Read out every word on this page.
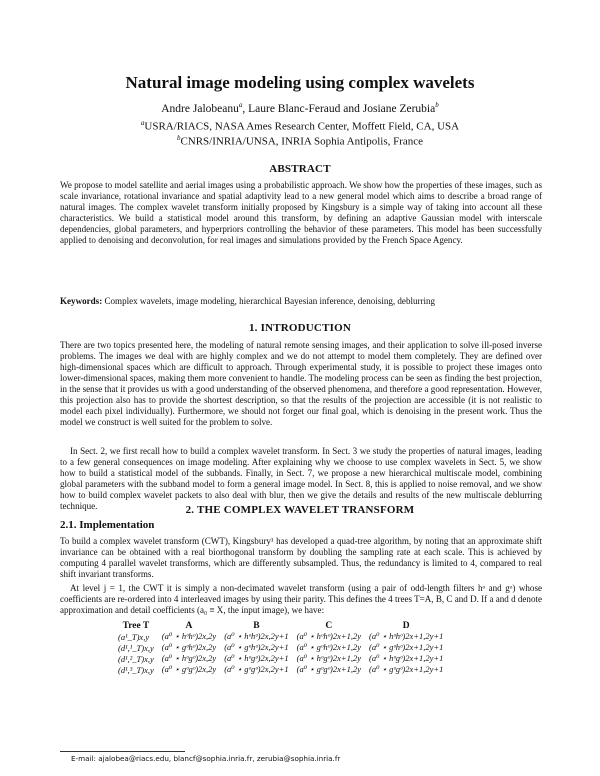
Natural image modeling using complex wavelets
Andre Jalobeanu$^a$, Laure Blanc-Feraud and Josiane Zerubia$^b$
$^a$USRA/RIACS, NASA Ames Research Center, Moffett Field, CA, USA
$^b$CNRS/INRIA/UNSA, INRIA Sophia Antipolis, France
ABSTRACT
We propose to model satellite and aerial images using a probabilistic approach. We show how the properties of these images, such as scale invariance, rotational invariance and spatial adaptivity lead to a new general model which aims to describe a broad range of natural images. The complex wavelet transform initially proposed by Kingsbury is a simple way of taking into account all these characteristics. We build a statistical model around this transform, by defining an adaptive Gaussian model with interscale dependencies, global parameters, and hyperpriors controlling the behavior of these parameters. This model has been successfully applied to denoising and deconvolution, for real images and simulations provided by the French Space Agency.
Keywords: Complex wavelets, image modeling, hierarchical Bayesian inference, denoising, deblurring
1. INTRODUCTION
There are two topics presented here, the modeling of natural remote sensing images, and their application to solve ill-posed inverse problems. The images we deal with are highly complex and we do not attempt to model them completely. They are defined over high-dimensional spaces which are difficult to approach. Through experimental study, it is possible to project these images onto lower-dimensional spaces, making them more convenient to handle. The modeling process can be seen as finding the best projection, in the sense that it provides us with a good understanding of the observed phenomena, and therefore a good representation. However, this projection also has to provide the shortest description, so that the results of the projection are accessible (it is not realistic to model each pixel individually). Furthermore, we should not forget our final goal, which is denoising in the present work. Thus the model we construct is well suited for the problem to solve.
In Sect. 2, we first recall how to build a complex wavelet transform. In Sect. 3 we study the properties of natural images, leading to a few general consequences on image modeling. After explaining why we choose to use complex wavelets in Sect. 5, we show how to build a statistical model of the subbands. Finally, in Sect. 7, we propose a new hierarchical multiscale model, combining global parameters with the subband model to form a general image model. In Sect. 8, this is applied to noise removal, and we show how to build complex wavelet packets to also deal with blur, then we give the details and results of the new multiscale deblurring technique.	2. THE COMPLEX WAVELET TRANSFORM
2.1. Implementation
To build a complex wavelet transform (CWT), Kingsbury¹ has developed a quad-tree algorithm, by noting that an approximate shift invariance can be obtained with a real biorthogonal transform by doubling the sampling rate at each scale. This is achieved by computing 4 parallel wavelet transforms, which are differently subsampled. Thus, the redundancy is limited to 4, compared to real shift invariant transforms.
At level j = 1, the CWT it is simply a non-decimated wavelet transform (using a pair of odd-length filters hᵒ and gᵒ) whose coefficients are re-ordered into 4 interleaved images by using their parity. This defines the 4 trees T=A, B, C and D. If a and d denote approximation and detail coefficients (a₀ ≡ X, the input image), we have:
Tree T	A	B	C	D
(a¹_T)x,y	(a⁰ ⋆ hᵒhᵒ)2x,2y	(a⁰ ⋆ hᵒhᵒ)2x,2y+1	(a⁰ ⋆ hᵒhᵒ)2x+1,2y	(a⁰ ⋆ hᵒhᵒ)2x+1,2y+1
(d¹,¹_T)x,y	(a⁰ ⋆ gᵒhᵒ)2x,2y	(a⁰ ⋆ gᵒhᵒ)2x,2y+1	(a⁰ ⋆ gᵒhᵒ)2x+1,2y	(a⁰ ⋆ gᵒhᵒ)2x+1,2y+1
(d¹,²_T)x,y	(a⁰ ⋆ hᵒgᵒ)2x,2y	(a⁰ ⋆ hᵒgᵒ)2x,2y+1	(a⁰ ⋆ hᵒgᵒ)2x+1,2y	(a⁰ ⋆ hᵒgᵒ)2x+1,2y+1
(d¹,³_T)x,y	(a⁰ ⋆ gᵒgᵒ)2x,2y	(a⁰ ⋆ gᵒgᵒ)2x,2y+1	(a⁰ ⋆ gᵒgᵒ)2x+1,2y	(a⁰ ⋆ gᵒgᵒ)2x+1,2y+1
E-mail: ajalobea@riacs.edu, blancf@sophia.inria.fr, zerubia@sophia.inria.fr
